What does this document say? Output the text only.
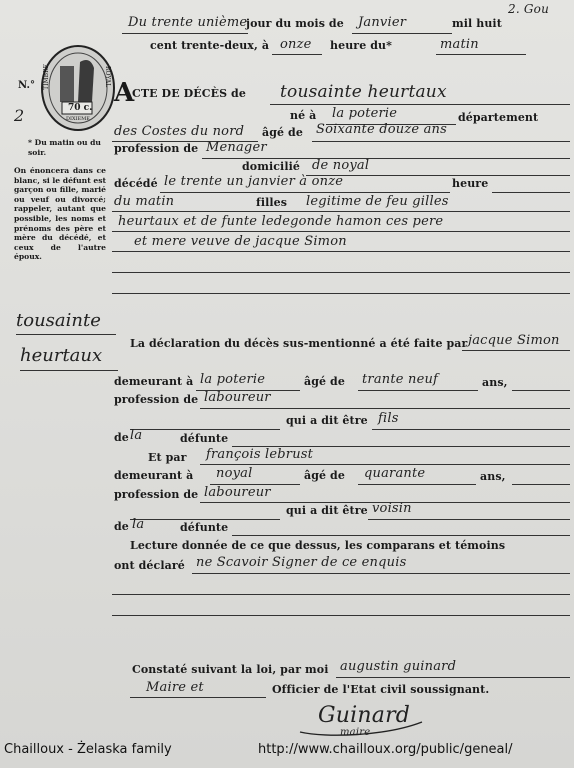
Du trente unième
jour du mois de Janvier	mil huit
2. Gou
cent trente-deux, à onze heure du*	matin
70 c.
DIXIEME
TIMBRE	ROYAL
N.°
2
* Du matin ou du soir.
On énoncera dans ce blanc, si le défunt est garçon ou fille, marié ou veuf ou divorcé; rappeler, autant que possible, les noms et prénoms des père et mère du décédé, et ceux de l'autre époux.
tousainte
heurtaux
A
CTE DE DÉCÈS de tousainte heurtaux
né à la poterie	département
des Costes du nord âgé de Soixante douze ans
profession de Menager
domicilié de noyal
décédé le trente un janvier à onze	heure
du matin	filles legitime de feu gilles
heurtaux et de funte ledegonde hamon ces pere
et mere veuve de jacque Simon
La déclaration du décès sus-mentionné a été faite par jacque Simon
demeurant à la poterie	âgé de trante neuf	ans,
profession de laboureur
qui a dit être fils
de la	défunte
Et par françois lebrust
demeurant à noyal	âgé de quarante	ans,
profession de laboureur
qui a dit être voisin
de la	défunte
Lecture donnée de ce que dessus, les comparans et témoins
ont déclaré ne Scavoir Signer de ce enquis
Constaté suivant la loi, par moi augustin guinard
Maire et	Officier de l'Etat civil soussignant.
Guinard
maire
Chailloux - Żelaska family	http://www.chailloux.org/public/geneal/
